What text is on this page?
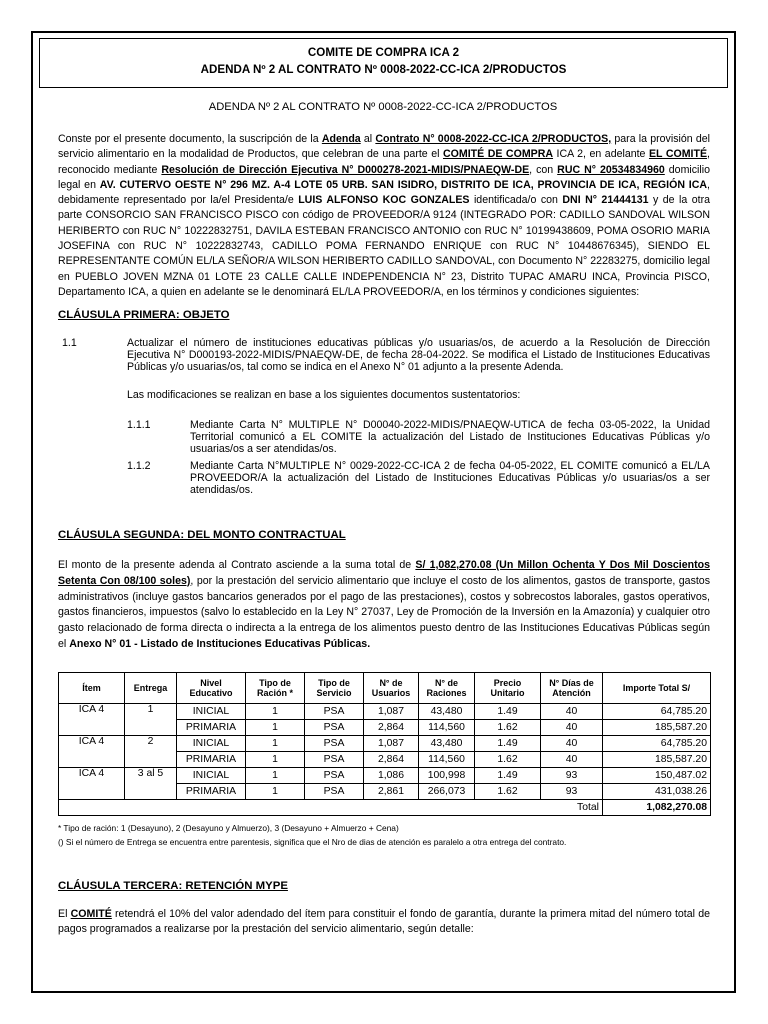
COMITE DE COMPRA ICA 2
ADENDA Nº 2 AL CONTRATO Nº 0008-2022-CC-ICA 2/PRODUCTOS
ADENDA Nº 2 AL CONTRATO Nº 0008-2022-CC-ICA 2/PRODUCTOS
Conste por el presente documento, la suscripción de la Adenda al Contrato N° 0008-2022-CC-ICA 2/PRODUCTOS, para la provisión del servicio alimentario en la modalidad de Productos, que celebran de una parte el COMITÉ DE COMPRA ICA 2, en adelante EL COMITÉ, reconocido mediante Resolución de Dirección Ejecutiva N° D000278-2021-MIDIS/PNAEQW-DE, con RUC N° 20534834960 domicilio legal en AV. CUTERVO OESTE N° 296 MZ. A-4 LOTE 05 URB. SAN ISIDRO, DISTRITO DE ICA, PROVINCIA DE ICA, REGIÓN ICA, debidamente representado por la/el Presidenta/e LUIS ALFONSO KOC GONZALES identificada/o con DNI N° 21444131 y de la otra parte CONSORCIO SAN FRANCISCO PISCO con código de PROVEEDOR/A 9124 (INTEGRADO POR: CADILLO SANDOVAL WILSON HERIBERTO con RUC N° 10222832751, DAVILA ESTEBAN FRANCISCO ANTONIO con RUC N° 10199438609, POMA OSORIO MARIA JOSEFINA con RUC N° 10222832743, CADILLO POMA FERNANDO ENRIQUE con RUC N° 10448676345), SIENDO EL REPRESENTANTE COMÚN EL/LA SEÑOR/A WILSON HERIBERTO CADILLO SANDOVAL, con Documento N° 22283275, domicilio legal en PUEBLO JOVEN MZNA 01 LOTE 23 CALLE CALLE INDEPENDENCIA N° 23, Distrito TUPAC AMARU INCA, Provincia PISCO, Departamento ICA, a quien en adelante se le denominará EL/LA PROVEEDOR/A, en los términos y condiciones siguientes:
CLÁUSULA PRIMERA: OBJETO
1.1	Actualizar el número de instituciones educativas públicas y/o usuarias/os, de acuerdo a la Resolución de Dirección Ejecutiva N° D000193-2022-MIDIS/PNAEQW-DE, de fecha 28-04-2022. Se modifica el Listado de Instituciones Educativas Públicas y/o usuarias/os, tal como se indica en el Anexo N° 01 adjunto a la presente Adenda.
Las modificaciones se realizan en base a los siguientes documentos sustentatorios:
1.1.1	Mediante Carta N° MULTIPLE N° D00040-2022-MIDIS/PNAEQW-UTICA de fecha 03-05-2022, la Unidad Territorial comunicó a EL COMITE la actualización del Listado de Instituciones Educativas Públicas y/o usuarias/os a ser atendidas/os.
1.1.2	Mediante Carta N°MULTIPLE N° 0029-2022-CC-ICA 2 de fecha 04-05-2022, EL COMITE comunicó a EL/LA PROVEEDOR/A la actualización del Listado de Instituciones Educativas Públicas y/o usuarias/os a ser atendidas/os.
CLÁUSULA SEGUNDA: DEL MONTO CONTRACTUAL
El monto de la presente adenda al Contrato asciende a la suma total de S/ 1,082,270.08 (Un Millon Ochenta Y Dos Mil Doscientos Setenta Con 08/100 soles), por la prestación del servicio alimentario que incluye el costo de los alimentos, gastos de transporte, gastos administrativos (incluye gastos bancarios generados por el pago de las prestaciones), costos y sobrecostos laborales, gastos operativos, gastos financieros, impuestos (salvo lo establecido en la Ley N° 27037, Ley de Promoción de la Inversión en la Amazonía) y cualquier otro gasto relacionado de forma directa o indirecta a la entrega de los alimentos puesto dentro de las Instituciones Educativas Públicas según el Anexo N° 01 - Listado de Instituciones Educativas Públicas.
Ítem	Entrega	Nivel Educativo	Tipo de Ración *	Tipo de Servicio	N° de Usuarios	N° de Raciones	Precio Unitario	N° Días de Atención	Importe Total S/
ICA 4	1	INICIAL	1	PSA	1,087	43,480	1.49	40	64,785.20
		PRIMARIA	1	PSA	2,864	114,560	1.62	40	185,587.20
ICA 4	2	INICIAL	1	PSA	1,087	43,480	1.49	40	64,785.20
		PRIMARIA	1	PSA	2,864	114,560	1.62	40	185,587.20
ICA 4	3 al 5	INICIAL	1	PSA	1,086	100,998	1.49	93	150,487.02
		PRIMARIA	1	PSA	2,861	266,073	1.62	93	431,038.26
								Total	1,082,270.08
* Tipo de ración: 1 (Desayuno), 2 (Desayuno y Almuerzo), 3 (Desayuno + Almuerzo + Cena)
() Si el número de Entrega se encuentra entre parentesis, significa que el Nro de dias de atención es paralelo a otra entrega del contrato.
CLÁUSULA TERCERA: RETENCIÓN MYPE
El COMITÉ retendrá el 10% del valor adendado del ítem para constituir el fondo de garantía, durante la primera mitad del número total de pagos programados a realizarse por la prestación del servicio alimentario, según detalle:
